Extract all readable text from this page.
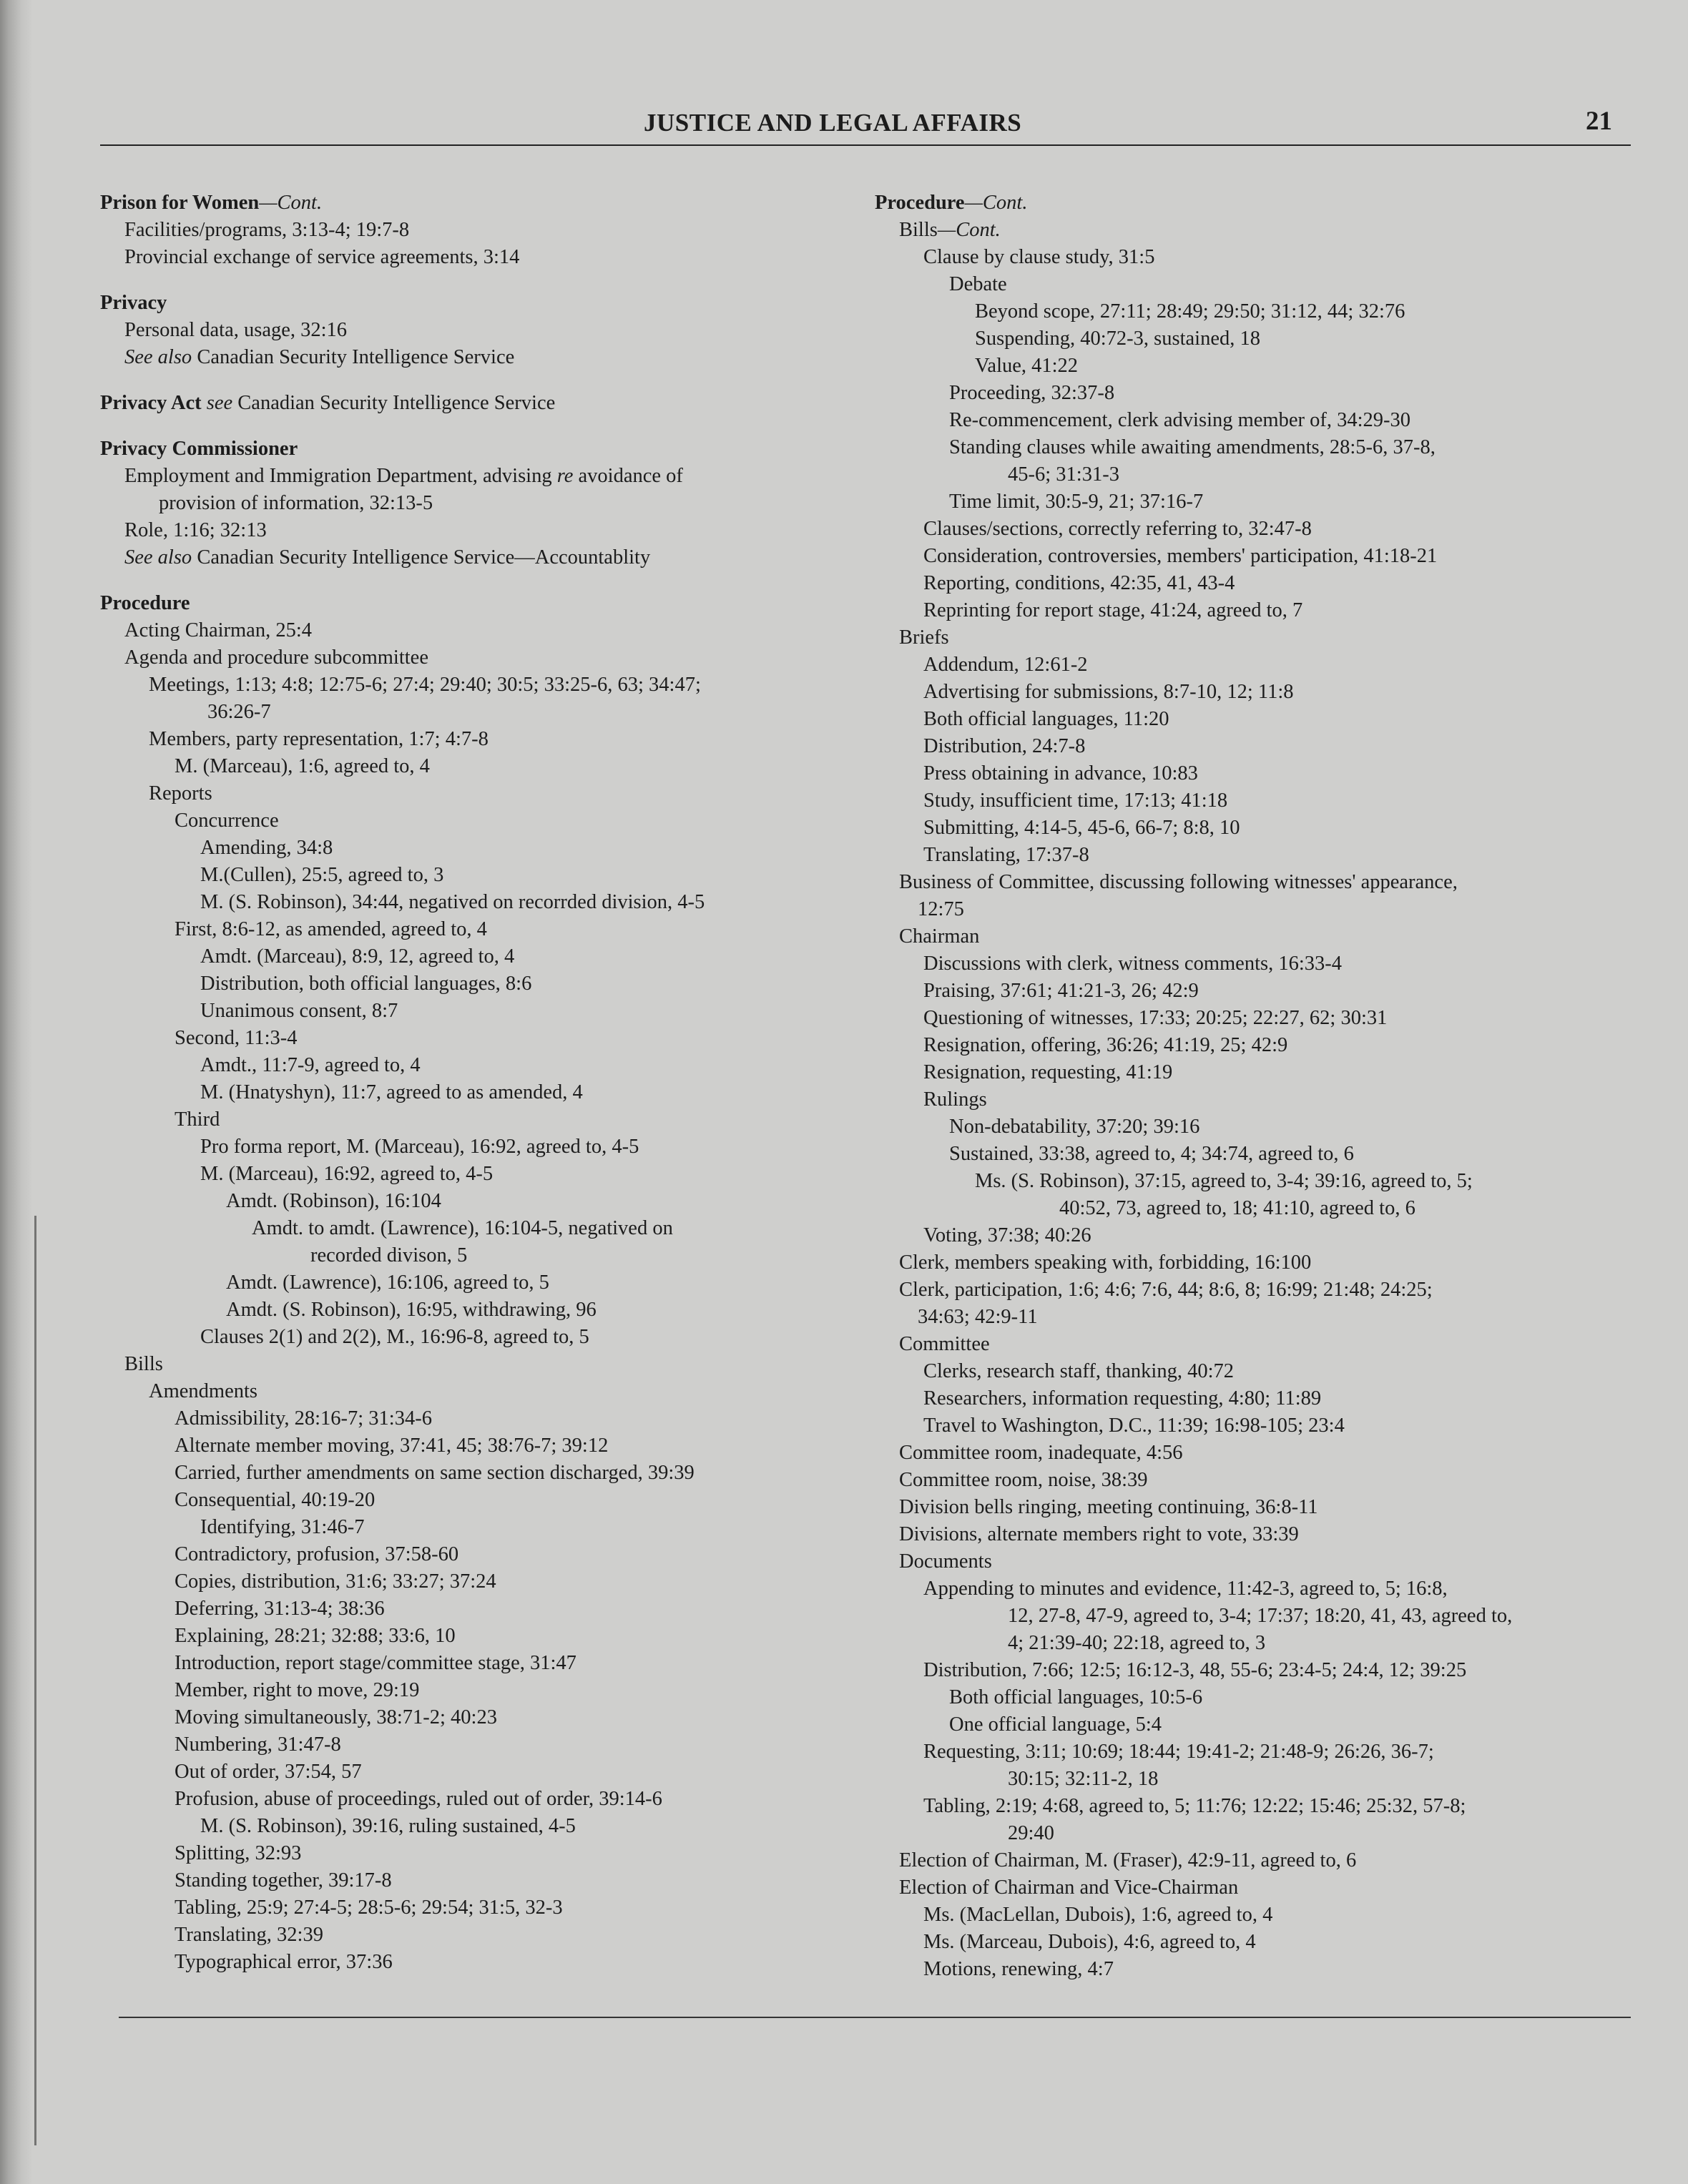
JUSTICE AND LEGAL AFFAIRS	21
Prison for Women—Cont.
Facilities/programs, 3:13-4; 19:7-8
Provincial exchange of service agreements, 3:14
Privacy
Personal data, usage, 32:16
See also Canadian Security Intelligence Service
Privacy Act see Canadian Security Intelligence Service
Privacy Commissioner
Employment and Immigration Department, advising re avoidance of
provision of information, 32:13-5
Role, 1:16; 32:13
See also Canadian Security Intelligence Service—Accountablity
Procedure
Acting Chairman, 25:4
Agenda and procedure subcommittee
Meetings, 1:13; 4:8; 12:75-6; 27:4; 29:40; 30:5; 33:25-6, 63; 34:47;
36:26-7
Members, party representation, 1:7; 4:7-8
M. (Marceau), 1:6, agreed to, 4
Reports
Concurrence
Amending, 34:8
M.(Cullen), 25:5, agreed to, 3
M. (S. Robinson), 34:44, negatived on recorrded division, 4-5
First, 8:6-12, as amended, agreed to, 4
Amdt. (Marceau), 8:9, 12, agreed to, 4
Distribution, both official languages, 8:6
Unanimous consent, 8:7
Second, 11:3-4
Amdt., 11:7-9, agreed to, 4
M. (Hnatyshyn), 11:7, agreed to as amended, 4
Third
Pro forma report, M. (Marceau), 16:92, agreed to, 4-5
M. (Marceau), 16:92, agreed to, 4-5
Amdt. (Robinson), 16:104
Amdt. to amdt. (Lawrence), 16:104-5, negatived on
recorded divison, 5
Amdt. (Lawrence), 16:106, agreed to, 5
Amdt. (S. Robinson), 16:95, withdrawing, 96
Clauses 2(1) and 2(2), M., 16:96-8, agreed to, 5
Bills
Amendments
Admissibility, 28:16-7; 31:34-6
Alternate member moving, 37:41, 45; 38:76-7; 39:12
Carried, further amendments on same section discharged, 39:39
Consequential, 40:19-20
Identifying, 31:46-7
Contradictory, profusion, 37:58-60
Copies, distribution, 31:6; 33:27; 37:24
Deferring, 31:13-4; 38:36
Explaining, 28:21; 32:88; 33:6, 10
Introduction, report stage/committee stage, 31:47
Member, right to move, 29:19
Moving simultaneously, 38:71-2; 40:23
Numbering, 31:47-8
Out of order, 37:54, 57
Profusion, abuse of proceedings, ruled out of order, 39:14-6
M. (S. Robinson), 39:16, ruling sustained, 4-5
Splitting, 32:93
Standing together, 39:17-8
Tabling, 25:9; 27:4-5; 28:5-6; 29:54; 31:5, 32-3
Translating, 32:39
Typographical error, 37:36
Procedure—Cont.
Bills—Cont.
Clause by clause study, 31:5
Debate
Beyond scope, 27:11; 28:49; 29:50; 31:12, 44; 32:76
Suspending, 40:72-3, sustained, 18
Value, 41:22
Proceeding, 32:37-8
Re-commencement, clerk advising member of, 34:29-30
Standing clauses while awaiting amendments, 28:5-6, 37-8,
45-6; 31:31-3
Time limit, 30:5-9, 21; 37:16-7
Clauses/sections, correctly referring to, 32:47-8
Consideration, controversies, members' participation, 41:18-21
Reporting, conditions, 42:35, 41, 43-4
Reprinting for report stage, 41:24, agreed to, 7
Briefs
Addendum, 12:61-2
Advertising for submissions, 8:7-10, 12; 11:8
Both official languages, 11:20
Distribution, 24:7-8
Press obtaining in advance, 10:83
Study, insufficient time, 17:13; 41:18
Submitting, 4:14-5, 45-6, 66-7; 8:8, 10
Translating, 17:37-8
Business of Committee, discussing following witnesses' appearance,
12:75
Chairman
Discussions with clerk, witness comments, 16:33-4
Praising, 37:61; 41:21-3, 26; 42:9
Questioning of witnesses, 17:33; 20:25; 22:27, 62; 30:31
Resignation, offering, 36:26; 41:19, 25; 42:9
Resignation, requesting, 41:19
Rulings
Non-debatability, 37:20; 39:16
Sustained, 33:38, agreed to, 4; 34:74, agreed to, 6
Ms. (S. Robinson), 37:15, agreed to, 3-4; 39:16, agreed to, 5;
40:52, 73, agreed to, 18; 41:10, agreed to, 6
Voting, 37:38; 40:26
Clerk, members speaking with, forbidding, 16:100
Clerk, participation, 1:6; 4:6; 7:6, 44; 8:6, 8; 16:99; 21:48; 24:25;
34:63; 42:9-11
Committee
Clerks, research staff, thanking, 40:72
Researchers, information requesting, 4:80; 11:89
Travel to Washington, D.C., 11:39; 16:98-105; 23:4
Committee room, inadequate, 4:56
Committee room, noise, 38:39
Division bells ringing, meeting continuing, 36:8-11
Divisions, alternate members right to vote, 33:39
Documents
Appending to minutes and evidence, 11:42-3, agreed to, 5; 16:8,
12, 27-8, 47-9, agreed to, 3-4; 17:37; 18:20, 41, 43, agreed to,
4; 21:39-40; 22:18, agreed to, 3
Distribution, 7:66; 12:5; 16:12-3, 48, 55-6; 23:4-5; 24:4, 12; 39:25
Both official languages, 10:5-6
One official language, 5:4
Requesting, 3:11; 10:69; 18:44; 19:41-2; 21:48-9; 26:26, 36-7;
30:15; 32:11-2, 18
Tabling, 2:19; 4:68, agreed to, 5; 11:76; 12:22; 15:46; 25:32, 57-8;
29:40
Election of Chairman, M. (Fraser), 42:9-11, agreed to, 6
Election of Chairman and Vice-Chairman
Ms. (MacLellan, Dubois), 1:6, agreed to, 4
Ms. (Marceau, Dubois), 4:6, agreed to, 4
Motions, renewing, 4:7
